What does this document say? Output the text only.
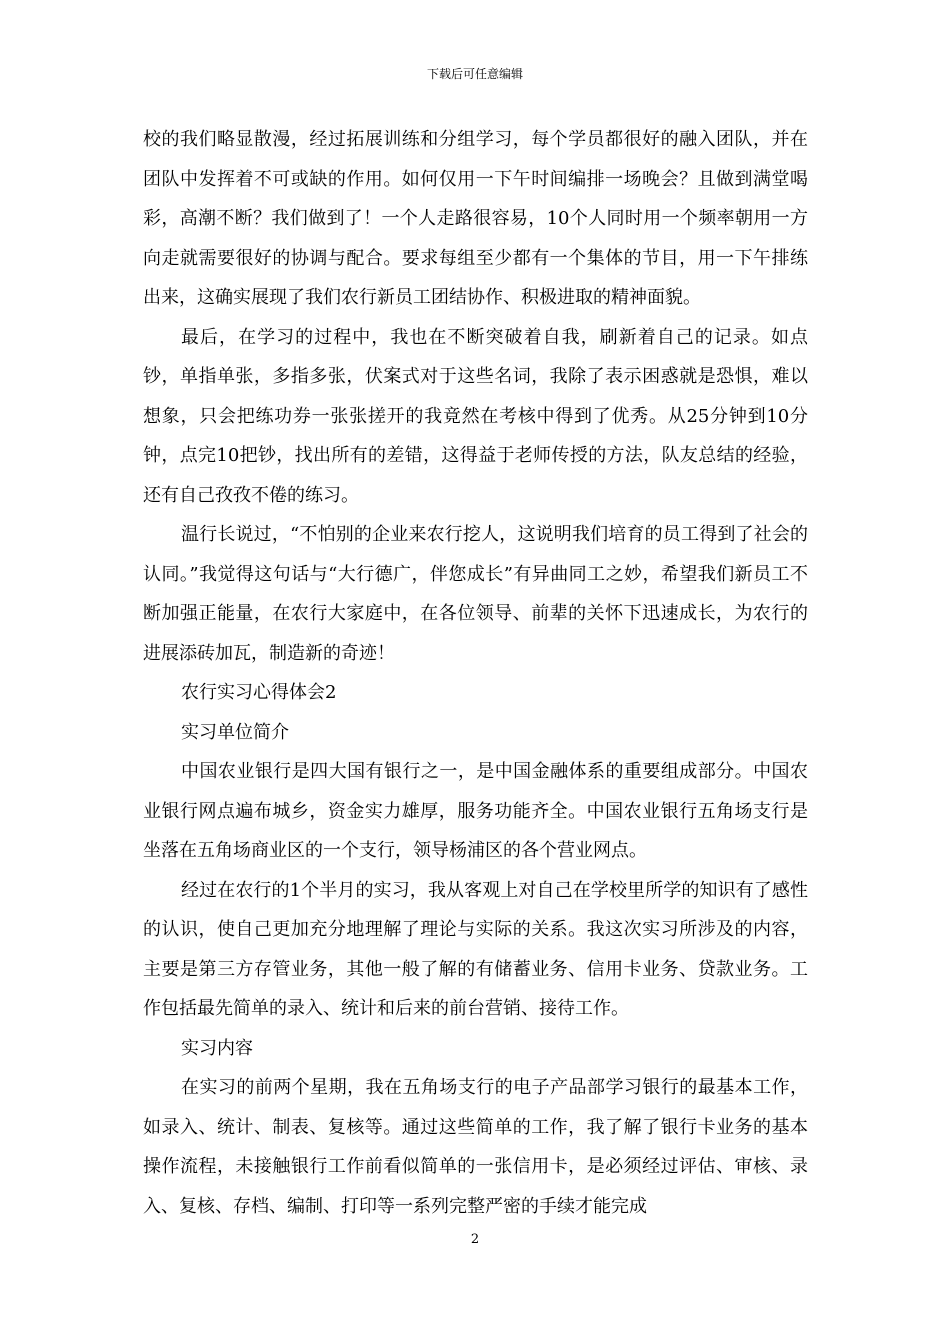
下载后可任意编辑

校的我们略显散漫，经过拓展训练和分组学习，每个学员都很好的融入团队，并在团队中发挥着不可或缺的作用。如何仅用一下午时间编排一场晚会？且做到满堂喝彩，高潮不断？我们做到了！一个人走路很容易，10个人同时用一个频率朝用一方向走就需要很好的协调与配合。要求每组至少都有一个集体的节目，用一下午排练出来，这确实展现了我们农行新员工团结协作、积极进取的精神面貌。

最后，在学习的过程中，我也在不断突破着自我，刷新着自己的记录。如点钞，单指单张，多指多张，伏案式对于这些名词，我除了表示困惑就是恐惧，难以想象，只会把练功券一张张搓开的我竟然在考核中得到了优秀。从25分钟到10分钟，点完10把钞，找出所有的差错，这得益于老师传授的方法，队友总结的经验，还有自己孜孜不倦的练习。

温行长说过，“不怕别的企业来农行挖人，这说明我们培育的员工得到了社会的认同。”我觉得这句话与“大行德广，伴您成长”有异曲同工之妙，希望我们新员工不断加强正能量，在农行大家庭中，在各位领导、前辈的关怀下迅速成长，为农行的进展添砖加瓦，制造新的奇迹！

农行实习心得体会2

实习单位简介

中国农业银行是四大国有银行之一，是中国金融体系的重要组成部分。中国农业银行网点遍布城乡，资金实力雄厚，服务功能齐全。中国农业银行五角场支行是坐落在五角场商业区的一个支行，领导杨浦区的各个营业网点。

经过在农行的1个半月的实习，我从客观上对自己在学校里所学的知识有了感性的认识，使自己更加充分地理解了理论与实际的关系。我这次实习所涉及的内容，主要是第三方存管业务，其他一般了解的有储蓄业务、信用卡业务、贷款业务。工作包括最先简单的录入、统计和后来的前台营销、接待工作。

实习内容

在实习的前两个星期，我在五角场支行的电子产品部学习银行的最基本工作，如录入、统计、制表、复核等。通过这些简单的工作，我了解了银行卡业务的基本操作流程，未接触银行工作前看似简单的一张信用卡，是必须经过评估、审核、录入、复核、存档、编制、打印等一系列完整严密的手续才能完成

2
